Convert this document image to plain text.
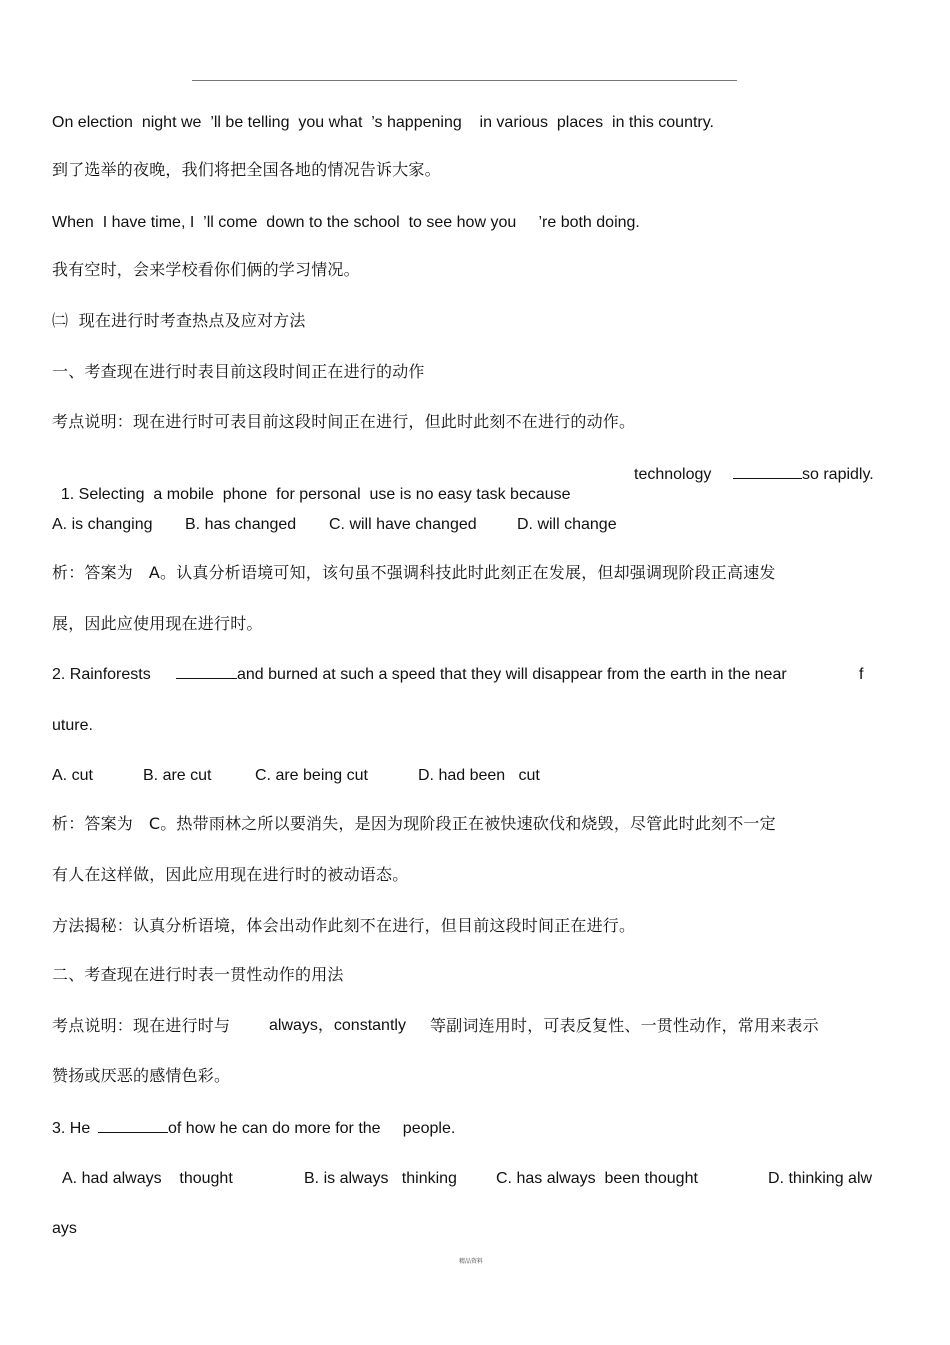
On election  night we  ’ll be telling  you what  ’s happening    in various  places  in this country.
到了选举的夜晚，我们将把全国各地的情况告诉大家。
When  I have time, I  ’ll come  down to the school  to see how you     ’re both doing.
我有空时，会来学校看你们俩的学习情况。
㈡  现在进行时考查热点及应对方法
一、考查现在进行时表目前这段时间正在进行的动作
考点说明：现在进行时可表目前这段时间正在进行，但此时此刻不在进行的动作。

1. Selecting  a mobile  phone  for personal  use is no easy task because

technology	so rapidly.
A. is changing B. has changed C. will have changed	D. will change
析：答案为   A。认真分析语境可知，该句虽不强调科技此时此刻正在发展，但却强调现阶段正高速发
展，因此应使用现在进行时。
2. Rainforests	and burned at such a speed that they will disappear from the earth in the near	f
uture.
A. cut	B. are cut	C. are being cut	D. had been   cut
析：答案为   C。热带雨林之所以要消失，是因为现阶段正在被快速砍伐和烧毁，尽管此时此刻不一定
有人在这样做，因此应用现在进行时的被动语态。
方法揭秘：认真分析语境，体会出动作此刻不在进行，但目前这段时间正在进行。
二、考查现在进行时表一贯性动作的用法
考点说明：现在进行时与 always，constantly 等副词连用时，可表反复性、一贯性动作，常用来表示
赞扬或厌恶的感情色彩。
3. He	of how he can do more for the     people.
A. had always    thought	B. is always   thinking C. has always  been thought	D. thinking alw
ays
精品资料
